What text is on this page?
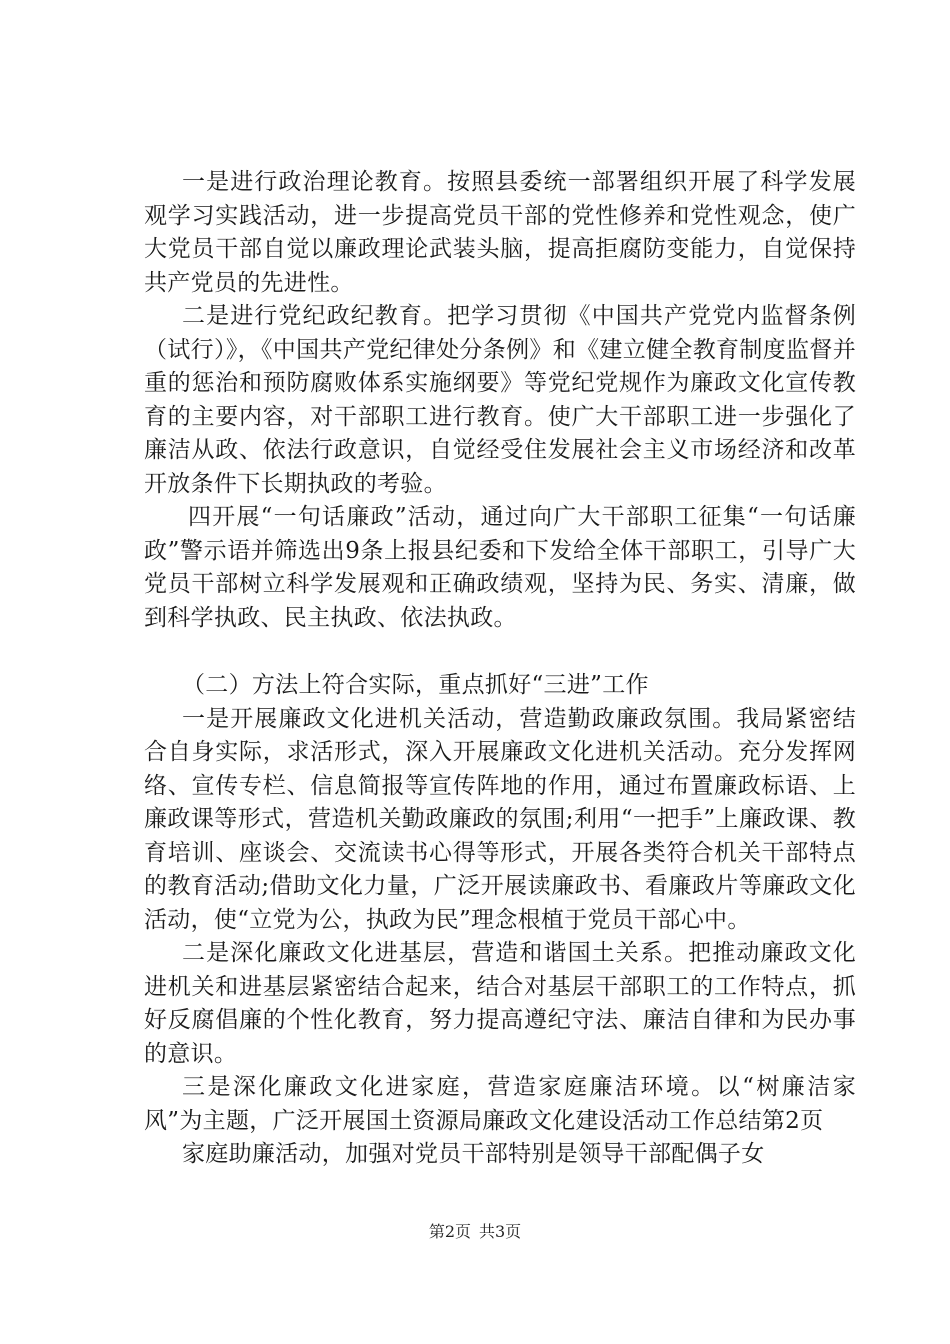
一是进行政治理论教育。按照县委统一部署组织开展了科学发展观学习实践活动，进一步提高党员干部的党性修养和党性观念，使广大党员干部自觉以廉政理论武装头脑，提高拒腐防变能力，自觉保持共产党员的先进性。

二是进行党纪政纪教育。把学习贯彻《中国共产党党内监督条例（试行）》，《中国共产党纪律处分条例》和《建立健全教育制度监督并重的惩治和预防腐败体系实施纲要》等党纪党规作为廉政文化宣传教育的主要内容，对干部职工进行教育。使广大干部职工进一步强化了廉洁从政、依法行政意识，自觉经受住发展社会主义市场经济和改革开放条件下长期执政的考验。

四开展“一句话廉政”活动，通过向广大干部职工征集“一句话廉政”警示语并筛选出9条上报县纪委和下发给全体干部职工，引导广大党员干部树立科学发展观和正确政绩观，坚持为民、务实、清廉，做到科学执政、民主执政、依法执政。

（二）方法上符合实际，重点抓好“三进”工作

一是开展廉政文化进机关活动，营造勤政廉政氛围。我局紧密结合自身实际，求活形式，深入开展廉政文化进机关活动。充分发挥网络、宣传专栏、信息简报等宣传阵地的作用，通过布置廉政标语、上廉政课等形式，营造机关勤政廉政的氛围;利用“一把手”上廉政课、教育培训、座谈会、交流读书心得等形式，开展各类符合机关干部特点的教育活动;借助文化力量，广泛开展读廉政书、看廉政片等廉政文化活动，使“立党为公，执政为民”理念根植于党员干部心中。

二是深化廉政文化进基层，营造和谐国土关系。把推动廉政文化进机关和进基层紧密结合起来，结合对基层干部职工的工作特点，抓好反腐倡廉的个性化教育，努力提高遵纪守法、廉洁自律和为民办事的意识。

三是深化廉政文化进家庭，营造家庭廉洁环境。以“树廉洁家风”为主题，广泛开展国土资源局廉政文化建设活动工作总结第2页

家庭助廉活动，加强对党员干部特别是领导干部配偶子女

第2页 共3页
